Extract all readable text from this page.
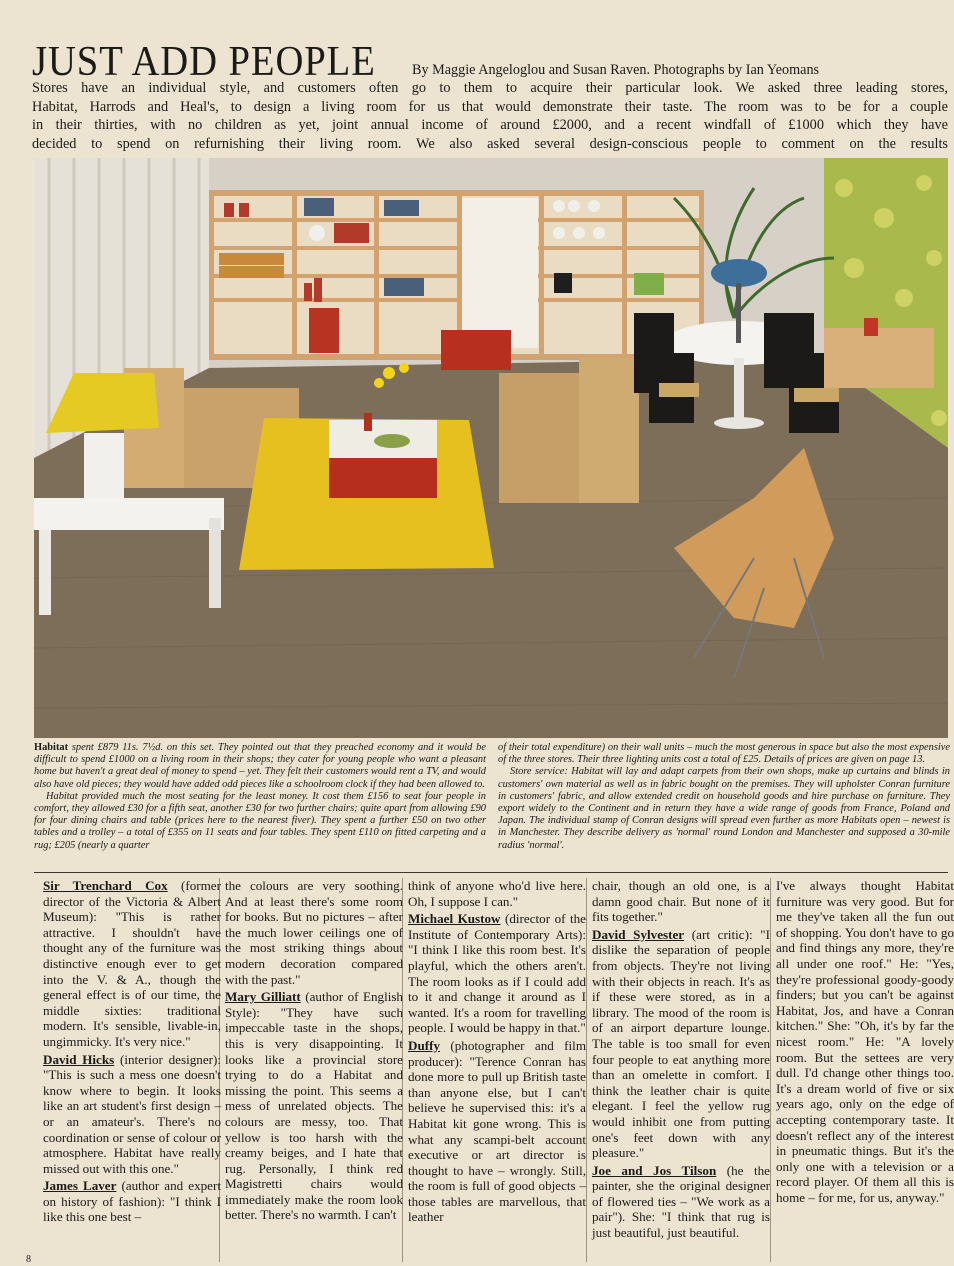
JUST ADD PEOPLE	By Maggie Angeloglou and Susan Raven. Photographs by Ian Yeomans

Stores have an individual style, and customers often go to them to acquire their particular look. We asked three leading stores,

Habitat, Harrods and Heal's, to design a living room for us that would demonstrate their taste. The room was to be for a couple

in their thirties, with no children as yet, joint annual income of around £2000, and a recent windfall of £1000 which they have

decided to spend on refurnishing their living room. We also asked several design-conscious people to comment on the results

Habitat spent £879 11s. 7½d. on this set. They pointed out that they preached economy and it would be difficult to spend £1000 on a living room in their shops; they cater for young people who want a pleasant home but haven't a great deal of money to spend – yet. They felt their customers would rent a TV, and would also have old pieces; they would have added odd pieces like a schoolroom clock if they had been allowed to.

Habitat provided much the most seating for the least money. It cost them £156 to seat four people in comfort, they allowed £30 for a fifth seat, another £30 for two further chairs; quite apart from allowing £90 for four dining chairs and table (prices here to the nearest fiver). They spent a further £50 on two other tables and a trolley – a total of £355 on 11 seats and four tables. They spent £110 on fitted carpeting and a rug; £205 (nearly a quarter

of their total expenditure) on their wall units – much the most generous in space but also the most expensive of the three stores. Their three lighting units cost a total of £25. Details of prices are given on page 13.

Store service: Habitat will lay and adapt carpets from their own shops, make up curtains and blinds in customers' own material as well as in fabric bought on the premises. They will upholster Conran furniture in customers' fabric, and allow extended credit on household goods and hire purchase on furniture. They export widely to the Continent and in return they have a wide range of goods from France, Poland and Japan. The individual stamp of Conran designs will spread even further as more Habitats open – newest is in Manchester. They describe delivery as 'normal' round London and Manchester and supposed a 30-mile radius 'normal'.

Sir Trenchard Cox (former director of the Victoria & Albert Museum): "This is rather attractive. I shouldn't have thought any of the furniture was distinctive enough ever to get into the V. & A., though the general effect is of our time, the middle sixties: traditional modern. It's sensible, livable-in, ungimmicky. It's very nice."

David Hicks (interior designer): "This is such a mess one doesn't know where to begin. It looks like an art student's first design – or an amateur's. There's no coordination or sense of colour or atmosphere. Habitat have really missed out with this one."

James Laver (author and expert on history of fashion): "I think I like this one best –

the colours are very soothing. And at least there's some room for books. But no pictures – after the much lower ceilings one of the most striking things about modern decoration compared with the past."

Mary Gilliatt (author of English Style): "They have such impeccable taste in the shops, this is very disappointing. It looks like a provincial store trying to do a Habitat and missing the point. This seems a mess of unrelated objects. The colours are messy, too. That yellow is too harsh with the creamy beiges, and I hate that rug. Personally, I think red Magistretti chairs would immediately make the room look better. There's no warmth. I can't

think of anyone who'd live here. Oh, I suppose I can."

Michael Kustow (director of the Institute of Contemporary Arts): "I think I like this room best. It's playful, which the others aren't. The room looks as if I could add to it and change it around as I wanted. It's a room for travelling people. I would be happy in that."

Duffy (photographer and film producer): "Terence Conran has done more to pull up British taste than anyone else, but I can't believe he supervised this: it's a Habitat kit gone wrong. This is what any scampi-belt account executive or art director is thought to have – wrongly. Still, the room is full of good objects – those tables are marvellous, that leather

chair, though an old one, is a damn good chair. But none of it fits together."

David Sylvester (art critic): "I dislike the separation of people from objects. They're not living with their objects in reach. It's as if these were stored, as in a library. The mood of the room is of an airport departure lounge. The table is too small for even four people to eat anything more than an omelette in comfort. I think the leather chair is quite elegant. I feel the yellow rug would inhibit one from putting one's feet down with any pleasure."

Joe and Jos Tilson (he the painter, she the original designer of flowered ties – "We work as a pair"). She: "I think that rug is just beautiful, just beautiful.

I've always thought Habitat furniture was very good. But for me they've taken all the fun out of shopping. You don't have to go and find things any more, they're all under one roof." He: "Yes, they're professional goody-goody finders; but you can't be against Habitat, Jos, and have a Conran kitchen." She: "Oh, it's by far the nicest room." He: "A lovely room. But the settees are very dull. I'd change other things too. It's a dream world of five or six years ago, only on the edge of accepting contemporary taste. It doesn't reflect any of the interest in pneumatic things. But it's the only one with a television or a record player. Of them all this is home – for me, for us, anyway."

8
